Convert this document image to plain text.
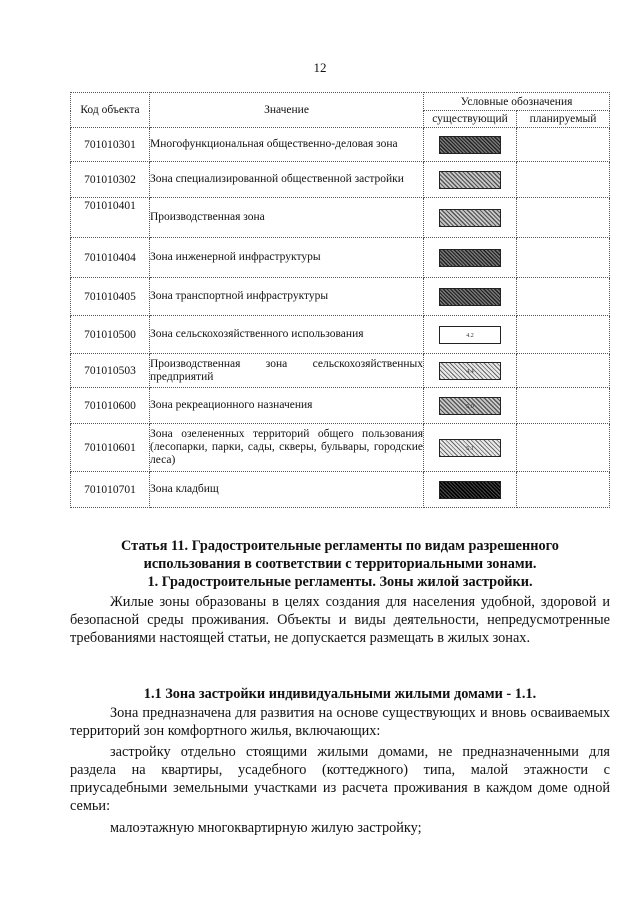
12
Код объекта	Значение	Условные обозначения	
		существующий	планируемый
701010301	Многофункциональная общественно-деловая зона		
701010302	Зона специализированной общественной застройки		
701010401	Производственная зона		
701010404	Зона инженерной инфраструктуры		
701010405	Зона транспортной инфраструктуры		
701010500	Зона сельскохозяйственного использования	4.2	
701010503	Производственная зона сельскохозяйственных предприятий	4.4	
701010600	Зона рекреационного назначения	5.0	
701010601	Зона озелененных территорий общего пользования (лесопарки, парки, сады, скверы, бульвары, городские леса)	5.1	
701010701	Зона кладбищ		
Статья 11. Градостроительные регламенты по видам разрешенного
использования в соответствии с территориальными зонами.
1. Градостроительные регламенты. Зоны жилой застройки.
Жилые зоны образованы в целях создания для населения удобной, здоровой и безопасной среды проживания. Объекты и виды деятельности, непредусмотренные требованиями настоящей статьи, не допускается размещать в жилых зонах.
1.1 Зона застройки индивидуальными жилыми домами - 1.1.
Зона предназначена для развития на основе существующих и вновь осваиваемых территорий зон комфортного жилья, включающих:
застройку отдельно стоящими жилыми домами, не предназначенными для раздела на квартиры, усадебного (коттеджного) типа, малой этажности с приусадебными земельными участками из расчета проживания в каждом доме одной семьи:
малоэтажную многоквартирную жилую застройку;
